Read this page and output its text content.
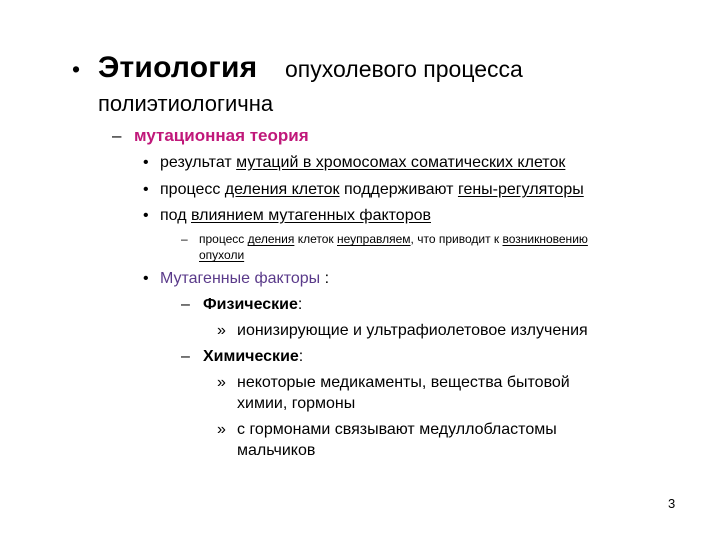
• Этиология опухолевого процесса
полиэтиологична
– мутационная теория
• результат мутаций в хромосомах соматических клеток
• процесс деления клеток поддерживают гены-регуляторы
• под влиянием мутагенных факторов
– процесс деления клеток неуправляем, что приводит к возникновению
опухоли
• Мутагенные факторы :
– Физические:
» ионизирующие и ультрафиолетовое излучения
– Химические:
» некоторые медикаменты, вещества бытовой
химии, гормоны
» с гормонами связывают медуллобластомы
мальчиков
3
